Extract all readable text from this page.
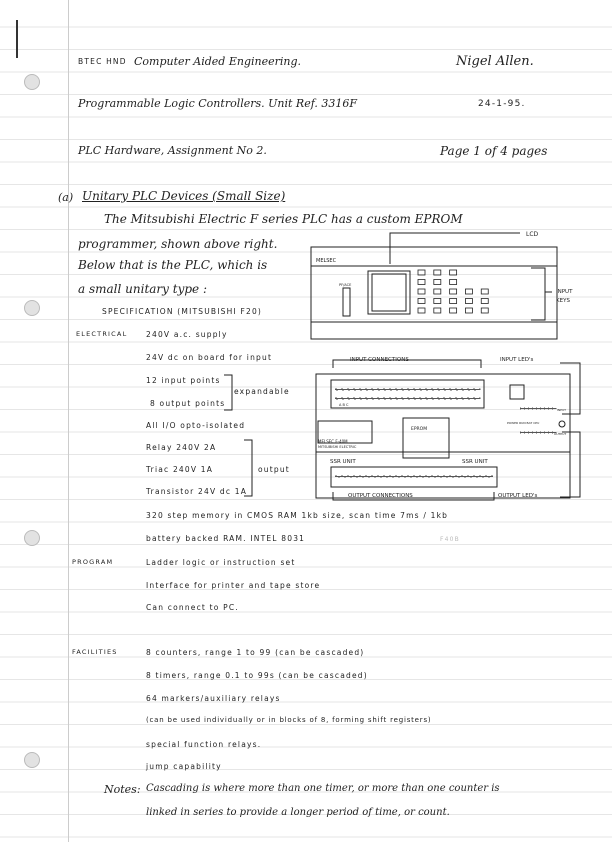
BTEC HND Computer Aided Engineering.	Nigel Allen.
Programmable Logic Controllers. Unit Ref. 3316F	24-1-95.
PLC Hardware, Assignment No 2.	Page 1 of 4 pages
(a) Unitary PLC Devices (Small Size)
The Mitsubishi Electric F series PLC has a custom EPROM
programmer, shown above right.
Below that is the PLC, which is
a small unitary type :
SPECIFICATION (MITSUBISHI F20)
ELECTRICAL 240V a.c. supply
24V dc on board for input
12 input points
8 output points
expandable
All I/O opto-isolated
Relay 240V 2A
Triac 240V 1A
Transistor 24V dc 1A
output
320 step memory in CMOS RAM 1kb size, scan time 7ms / 1kb
battery backed RAM. INTEL 8031	F40B
PROGRAM	Ladder logic or instruction set
Interface for printer and tape store
Can connect to PC.
FACILITIES	8 counters, range 1 to 99 (can be cascaded)
8 timers, range 0.1 to 99s (can be cascaded)
64 markers/auxiliary relays
(can be used individually or in blocks of 8, forming shift registers)
special function relays.
jump capability
Notes: Cascading is where more than one timer, or more than one counter is
linked in series to provide a longer period of time, or count.
MELSEC
PF/ACE
LCD
INPUT
KEYS
INPUT CONNECTIONS	INPUT LED's
OUTPUT CONNECTIONS	OUTPUT LED's
SSR UNIT	SSR UNIT
EPROM
MELSEC F-40M
MITSUBISHI ELECTRIC
A B C
POWER RUN BAT CPU
INPUT
OUTPUT
